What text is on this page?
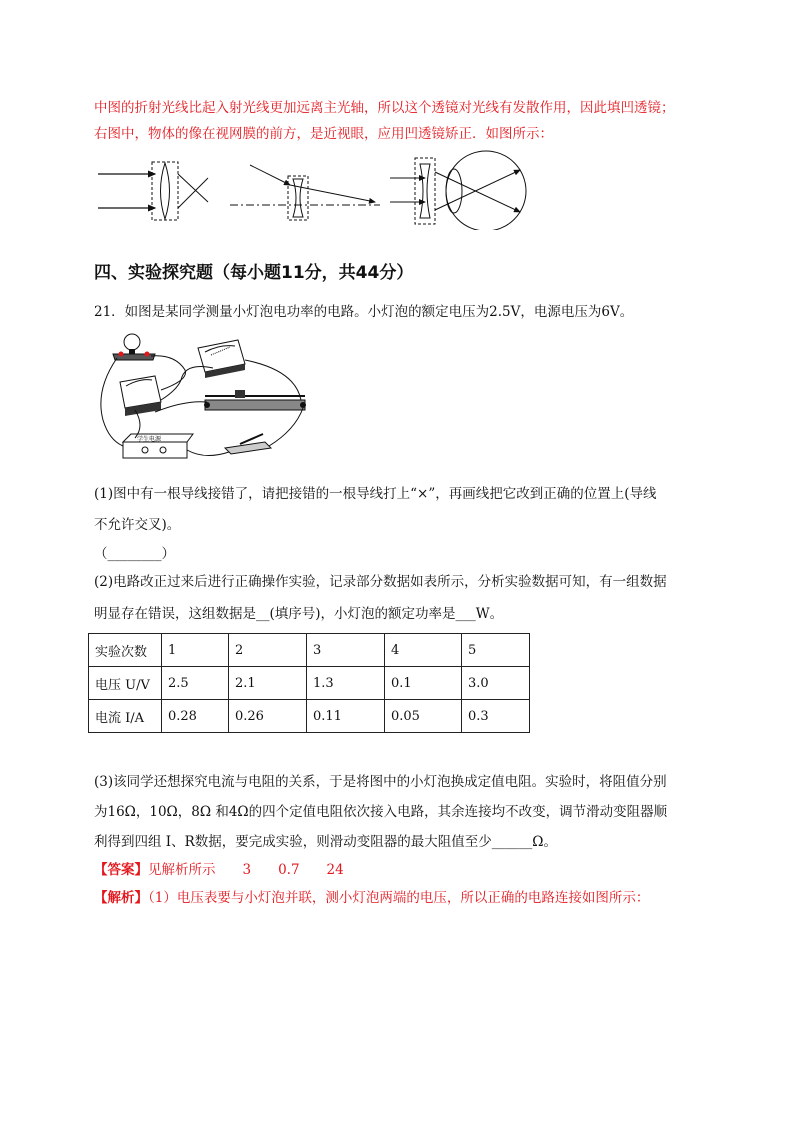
中图的折射光线比起入射光线更加远离主光轴，所以这个透镜对光线有发散作用，因此填凹透镜；
右图中，物体的像在视网膜的前方，是近视眼，应用凹透镜矫正．如图所示：
四、实验探究题（每小题11分，共44分）
21．如图是某同学测量小灯泡电功率的电路。小灯泡的额定电压为2.5V，电源电压为6V。
学生电源
(1)图中有一根导线接错了，请把接错的一根导线打上“×”，再画线把它改到正确的位置上(导线
不允许交叉)。
（________）
(2)电路改正过来后进行正确操作实验，记录部分数据如表所示，分析实验数据可知，有一组数据
明显存在错误，这组数据是__(填序号)，小灯泡的额定功率是___W。
实验次数	1	2	3	4	5
电压 U/V	2.5	2.1	1.3	0.1	3.0
电流 I/A	0.28	0.26	0.11	0.05	0.3
(3)该同学还想探究电流与电阻的关系，于是将图中的小灯泡换成定值电阻。实验时，将阻值分别
为16Ω，10Ω，8Ω 和4Ω的四个定值电阻依次接入电路，其余连接均不改变，调节滑动变阻器顺
利得到四组 I、R数据，要完成实验，则滑动变阻器的最大阻值至少______Ω。
【答案】见解析所示　　3　　0.7　　24
【解析】（1）电压表要与小灯泡并联，测小灯泡两端的电压，所以正确的电路连接如图所示：
